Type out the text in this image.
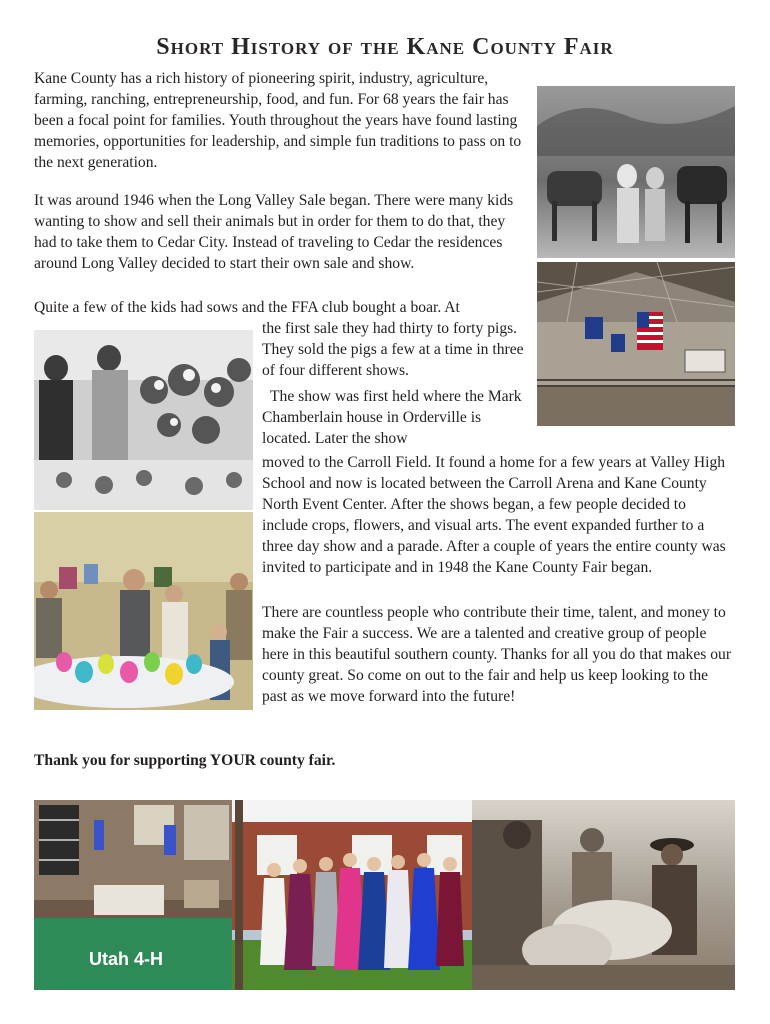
Short History of the Kane County Fair

Kane County has a rich history of pioneering spirit, industry, agriculture, farming, ranching, entrepreneurship, food, and fun. For 68 years the fair has been a focal point for families. Youth throughout the years have found lasting memories, opportunities for leadership, and simple fun traditions to pass on to the next generation.

It was around 1946 when the Long Valley Sale began. There were many kids wanting to show and sell their animals but in order for them to do that, they had to take them to Cedar City. Instead of traveling to Cedar the residences around Long Valley decided to start their own sale and show.

Quite a few of the kids had sows and the FFA club bought a boar. At

the first sale they had thirty to forty pigs. They sold the pigs a few at a time in three of four different shows.

The show was first held where the Mark Chamberlain house in Orderville is located. Later the show

moved to the Carroll Field. It found a home for a few years at Valley High School and now is located between the Carroll Arena and Kane County North Event Center. After the shows began, a few people decided to include crops, flowers, and visual arts. The event expanded further to a three day show and a parade. After a couple of years the entire county was invited to participate and in 1948 the Kane County Fair began.

There are countless people who contribute their time, talent, and money to make the Fair a success. We are a talented and creative group of people here in this beautiful southern county. Thanks for all you do that makes our county great. So come on out to the fair and help us keep looking to the past as we move forward into the future!

Thank you for supporting YOUR county fair.

Utah 4-H
